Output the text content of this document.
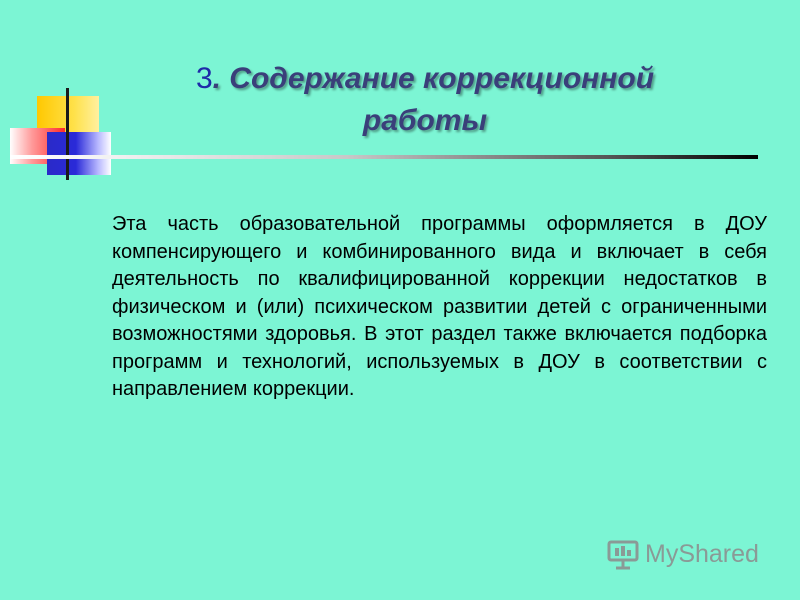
3. Содержание коррекционной работы
Эта часть образовательной программы оформляется в ДОУ компенсирующего и комбинированного вида и включает в себя деятельность по квалифицированной коррекции недостатков в физическом и (или) психическом развитии детей с ограниченными возможностями здоровья. В этот раздел также включается подборка программ и технологий, используемых в ДОУ в соответствии с направлением коррекции.
MyShared
